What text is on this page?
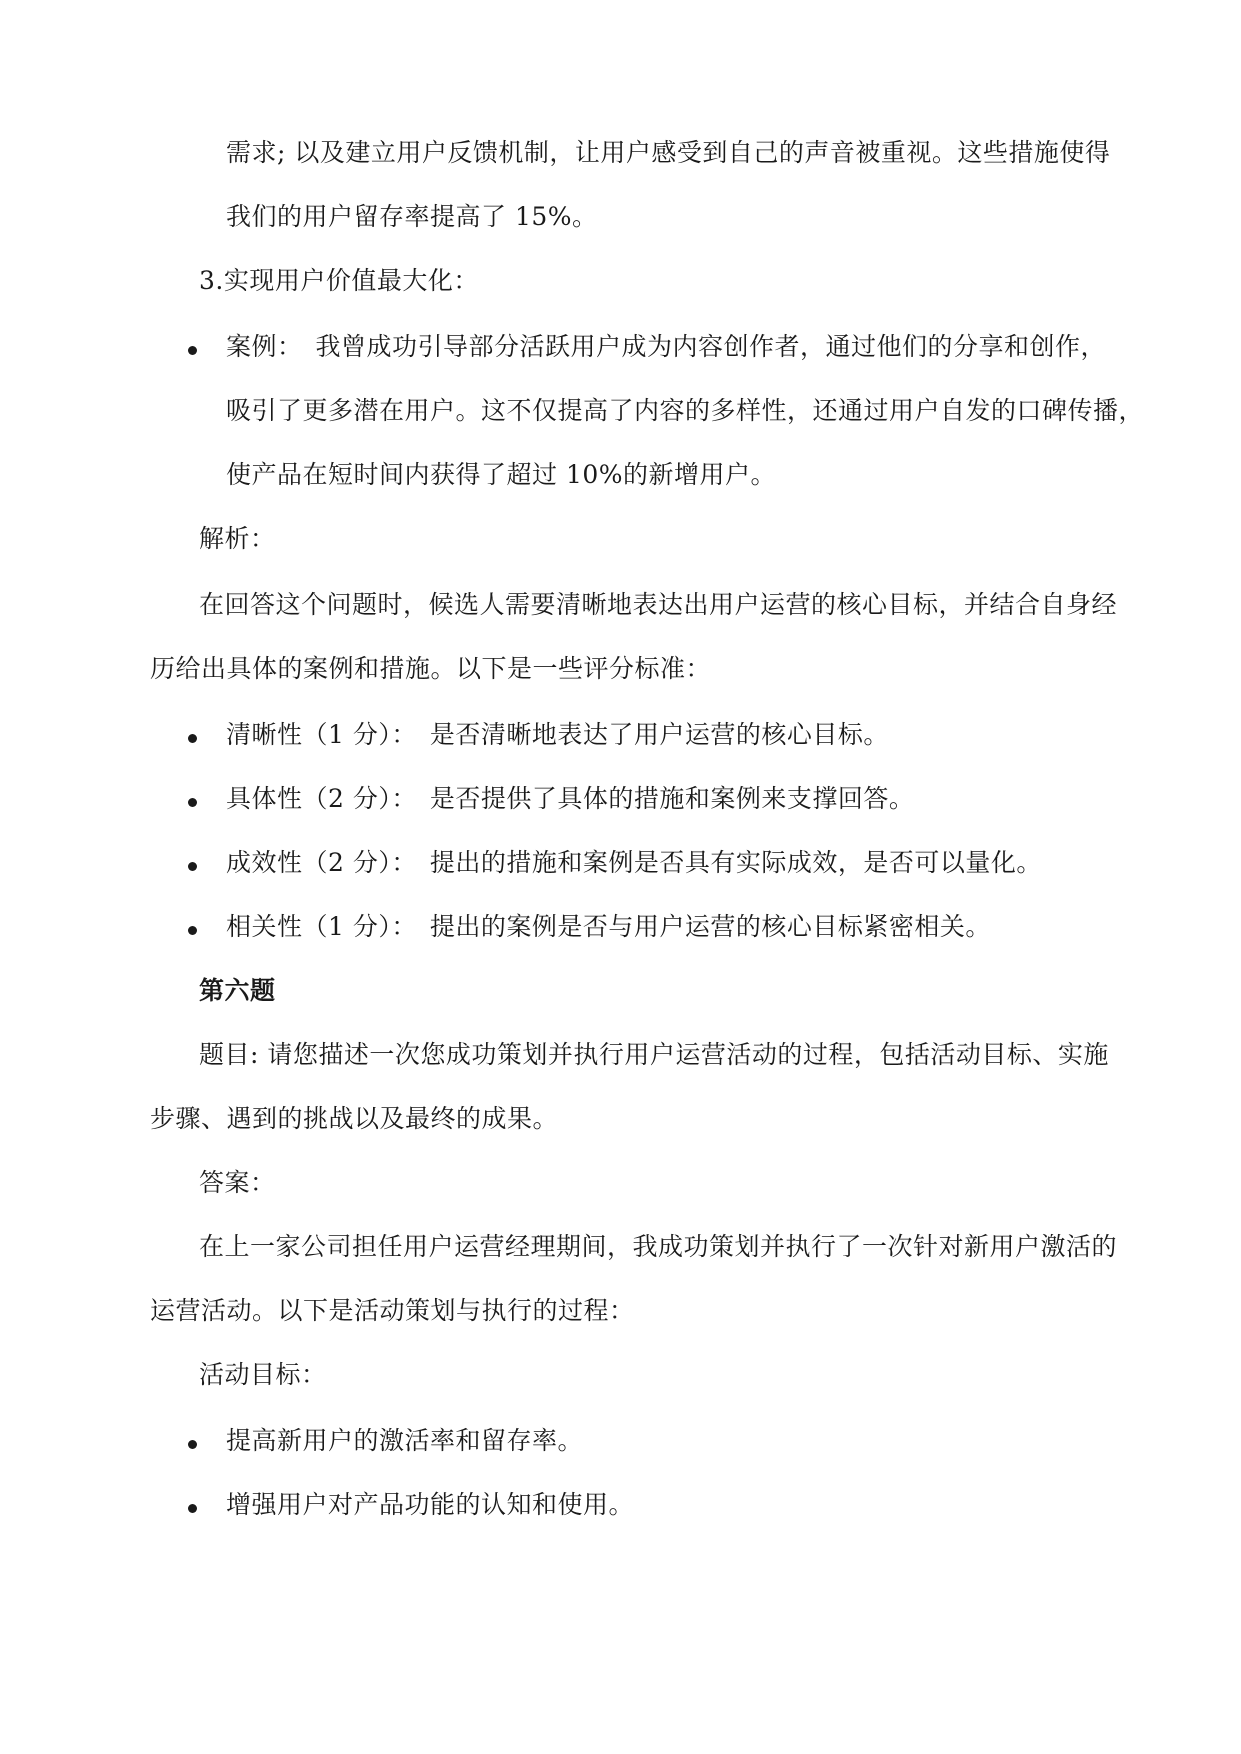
需求; 以及建立用户反馈机制，让用户感受到自己的声音被重视。这些措施使得
我们的用户留存率提高了 15%。
3.实现用户价值最大化：
案例：　我曾成功引导部分活跃用户成为内容创作者，通过他们的分享和创作，
吸引了更多潜在用户。这不仅提高了内容的多样性，还通过用户自发的口碑传播，
使产品在短时间内获得了超过 10%的新增用户。
解析：
在回答这个问题时，候选人需要清晰地表达出用户运营的核心目标，并结合自身经
历给出具体的案例和措施。以下是一些评分标准：
清晰性（1 分）：　是否清晰地表达了用户运营的核心目标。
具体性（2 分）：　是否提供了具体的措施和案例来支撑回答。
成效性（2 分）：　提出的措施和案例是否具有实际成效，是否可以量化。
相关性（1 分）：　提出的案例是否与用户运营的核心目标紧密相关。
第六题
题目: 请您描述一次您成功策划并执行用户运营活动的过程，包括活动目标、实施
步骤、遇到的挑战以及最终的成果。
答案：
在上一家公司担任用户运营经理期间，我成功策划并执行了一次针对新用户激活的
运营活动。以下是活动策划与执行的过程：
活动目标：
提高新用户的激活率和留存率。
增强用户对产品功能的认知和使用。
